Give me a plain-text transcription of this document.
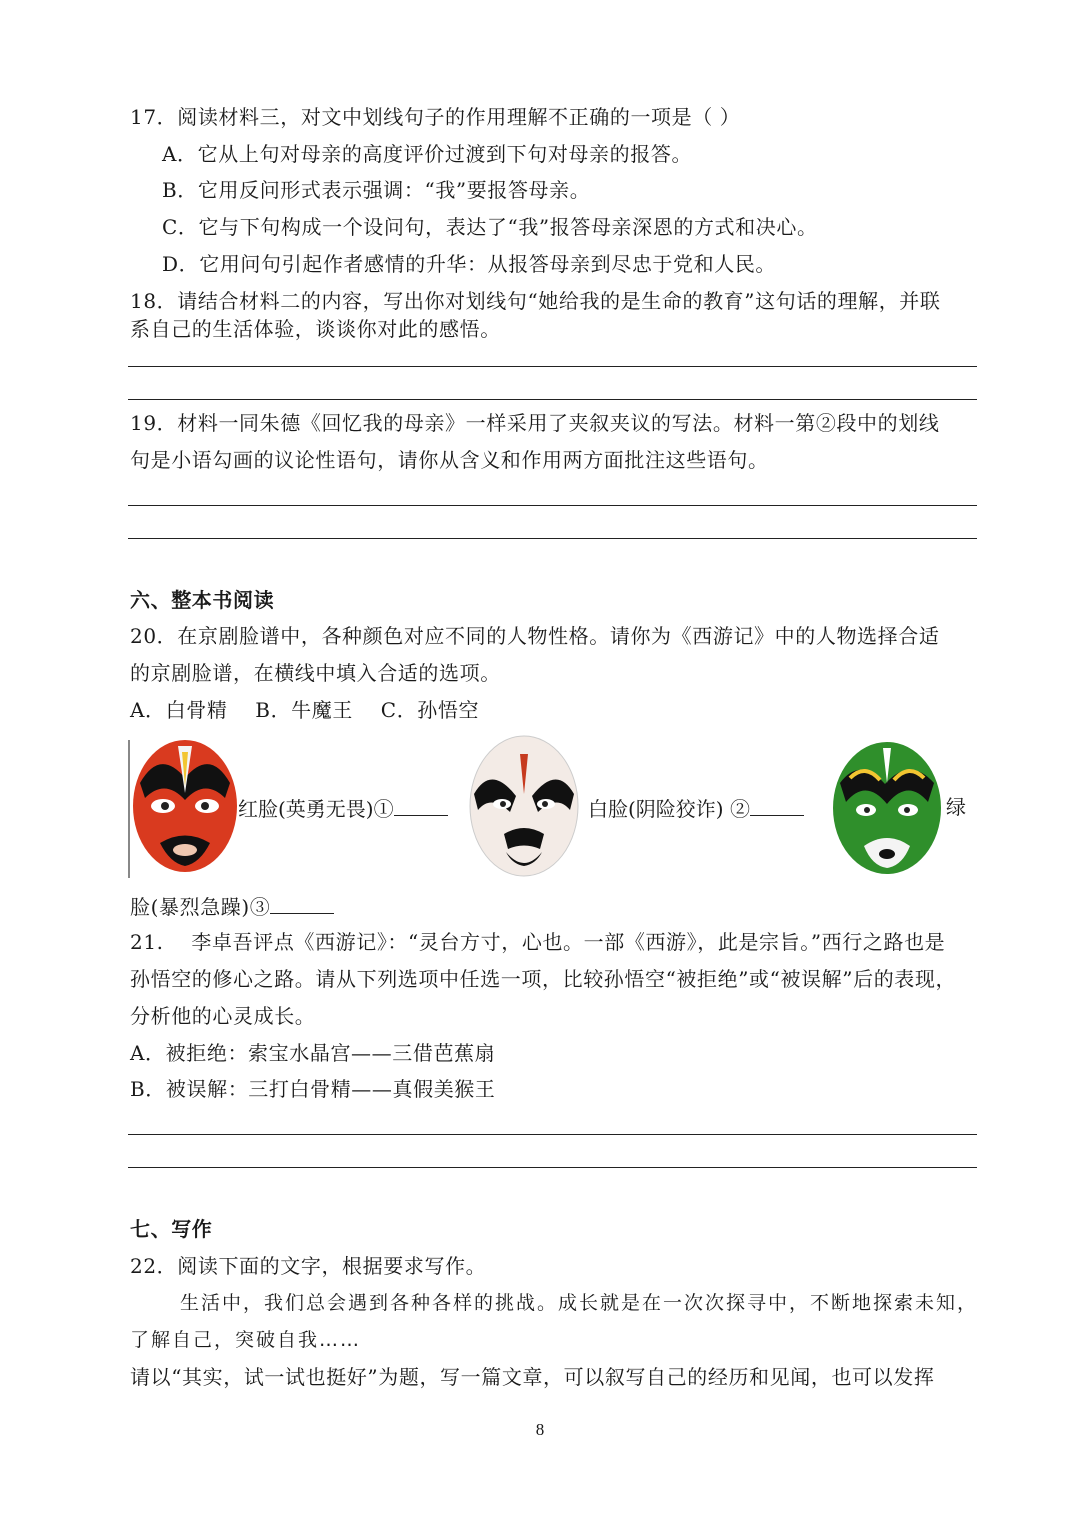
17．阅读材料三，对文中划线句子的作用理解不正确的一项是（ ）
A．它从上句对母亲的高度评价过渡到下句对母亲的报答。
B．它用反问形式表示强调：“我”要报答母亲。
C．它与下句构成一个设问句，表达了“我”报答母亲深恩的方式和决心。
D．它用问句引起作者感情的升华：从报答母亲到尽忠于党和人民。
18．请结合材料二的内容，写出你对划线句“她给我的是生命的教育”这句话的理解，并联
系自己的生活体验，谈谈你对此的感悟。
19．材料一同朱德《回忆我的母亲》一样采用了夹叙夹议的写法。材料一第②段中的划线
句是小语勾画的议论性语句，请你从含义和作用两方面批注这些语句。
六、整本书阅读
20．在京剧脸谱中，各种颜色对应不同的人物性格。请你为《西游记》中的人物选择合适
的京剧脸谱，在横线中填入合适的选项。
A．白骨精    B．牛魔王    C．孙悟空
红脸(英勇无畏)①	白脸(阴险狡诈) ②	绿
脸(暴烈急躁)③
21.    李卓吾评点《西游记》：“灵台方寸，心也。一部《西游》，此是宗旨。”西行之路也是
孙悟空的修心之路。请从下列选项中任选一项，比较孙悟空“被拒绝”或“被误解”后的表现，
分析他的心灵成长。
A．被拒绝：索宝水晶宫——三借芭蕉扇
B．被误解：三打白骨精——真假美猴王
七、写作
22．阅读下面的文字，根据要求写作。
生活中，我们总会遇到各种各样的挑战。成长就是在一次次探寻中，不断地探索未知，
了解自己，突破自我……
请以“其实，试一试也挺好”为题，写一篇文章，可以叙写自己的经历和见闻，也可以发挥
8
